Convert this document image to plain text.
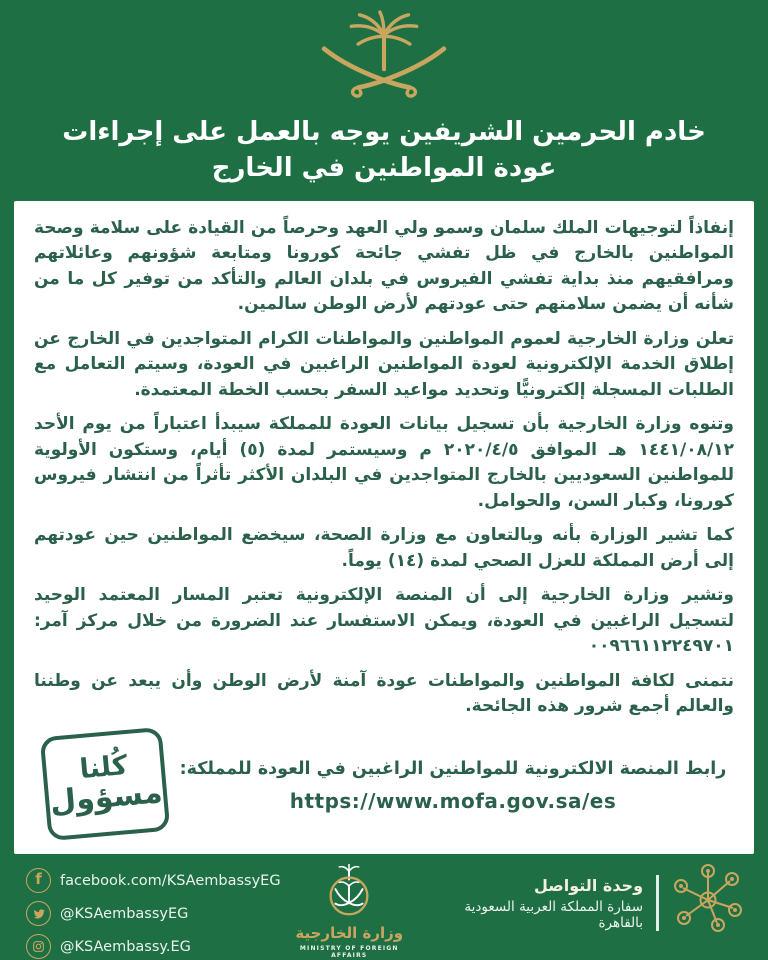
خادم الحرمين الشريفين يوجه بالعمل على إجراءات عودة المواطنين في الخارج

إنفاذاً لتوجيهات الملك سلمان وسمو ولي العهد وحرصاً من القيادة على سلامة وصحة المواطنين بالخارج في ظل تفشي جائحة كورونا ومتابعة شؤونهم وعائلاتهم ومرافقيهم منذ بداية تفشي الفيروس في بلدان العالم والتأكد من توفير كل ما من شأنه أن يضمن سلامتهم حتى عودتهم لأرض الوطن سالمين.

تعلن وزارة الخارجية لعموم المواطنين والمواطنات الكرام المتواجدين في الخارج عن إطلاق الخدمة الإلكترونية لعودة المواطنين الراغبين في العودة، وسيتم التعامل مع الطلبات المسجلة إلكترونيًّا وتحديد مواعيد السفر بحسب الخطة المعتمدة.

وتنوه وزارة الخارجية بأن تسجيل بيانات العودة للمملكة سيبدأ اعتباراً من يوم الأحد ١٤٤١/٠٨/١٢ هـ الموافق ٢٠٢٠/٤/٥ م وسيستمر لمدة (٥) أيام، وستكون الأولوية للمواطنين السعوديين بالخارج المتواجدين في البلدان الأكثر تأثراً من انتشار فيروس كورونا، وكبار السن، والحوامل.

كما تشير الوزارة بأنه وبالتعاون مع وزارة الصحة، سيخضع المواطنين حين عودتهم إلى أرض المملكة للعزل الصحي لمدة (١٤) يوماً.

وتشير وزارة الخارجية إلى أن المنصة الإلكترونية تعتبر المسار المعتمد الوحيد لتسجيل الراغبين في العودة، ويمكن الاستفسار عند الضرورة من خلال مركز آمر: ٠٠٩٦٦١١٢٢٤٩٧٠١

نتمنى لكافة المواطنين والمواطنات عودة آمنة لأرض الوطن وأن يبعد عن وطننا والعالم أجمع شرور هذه الجائحة.

رابط المنصة الالكترونية للمواطنين الراغبين في العودة للمملكة:
https://www.mofa.gov.sa/es
كُلنا
مسؤول
f facebook.com/KSAembassyEG
@KSAembassyEG
@KSAembassy.EG
وزارة الخارجية
MINISTRY OF FOREIGN AFFAIRS
وحدة التواصل
سفارة المملكة العربية السعودية بالقاهرة
